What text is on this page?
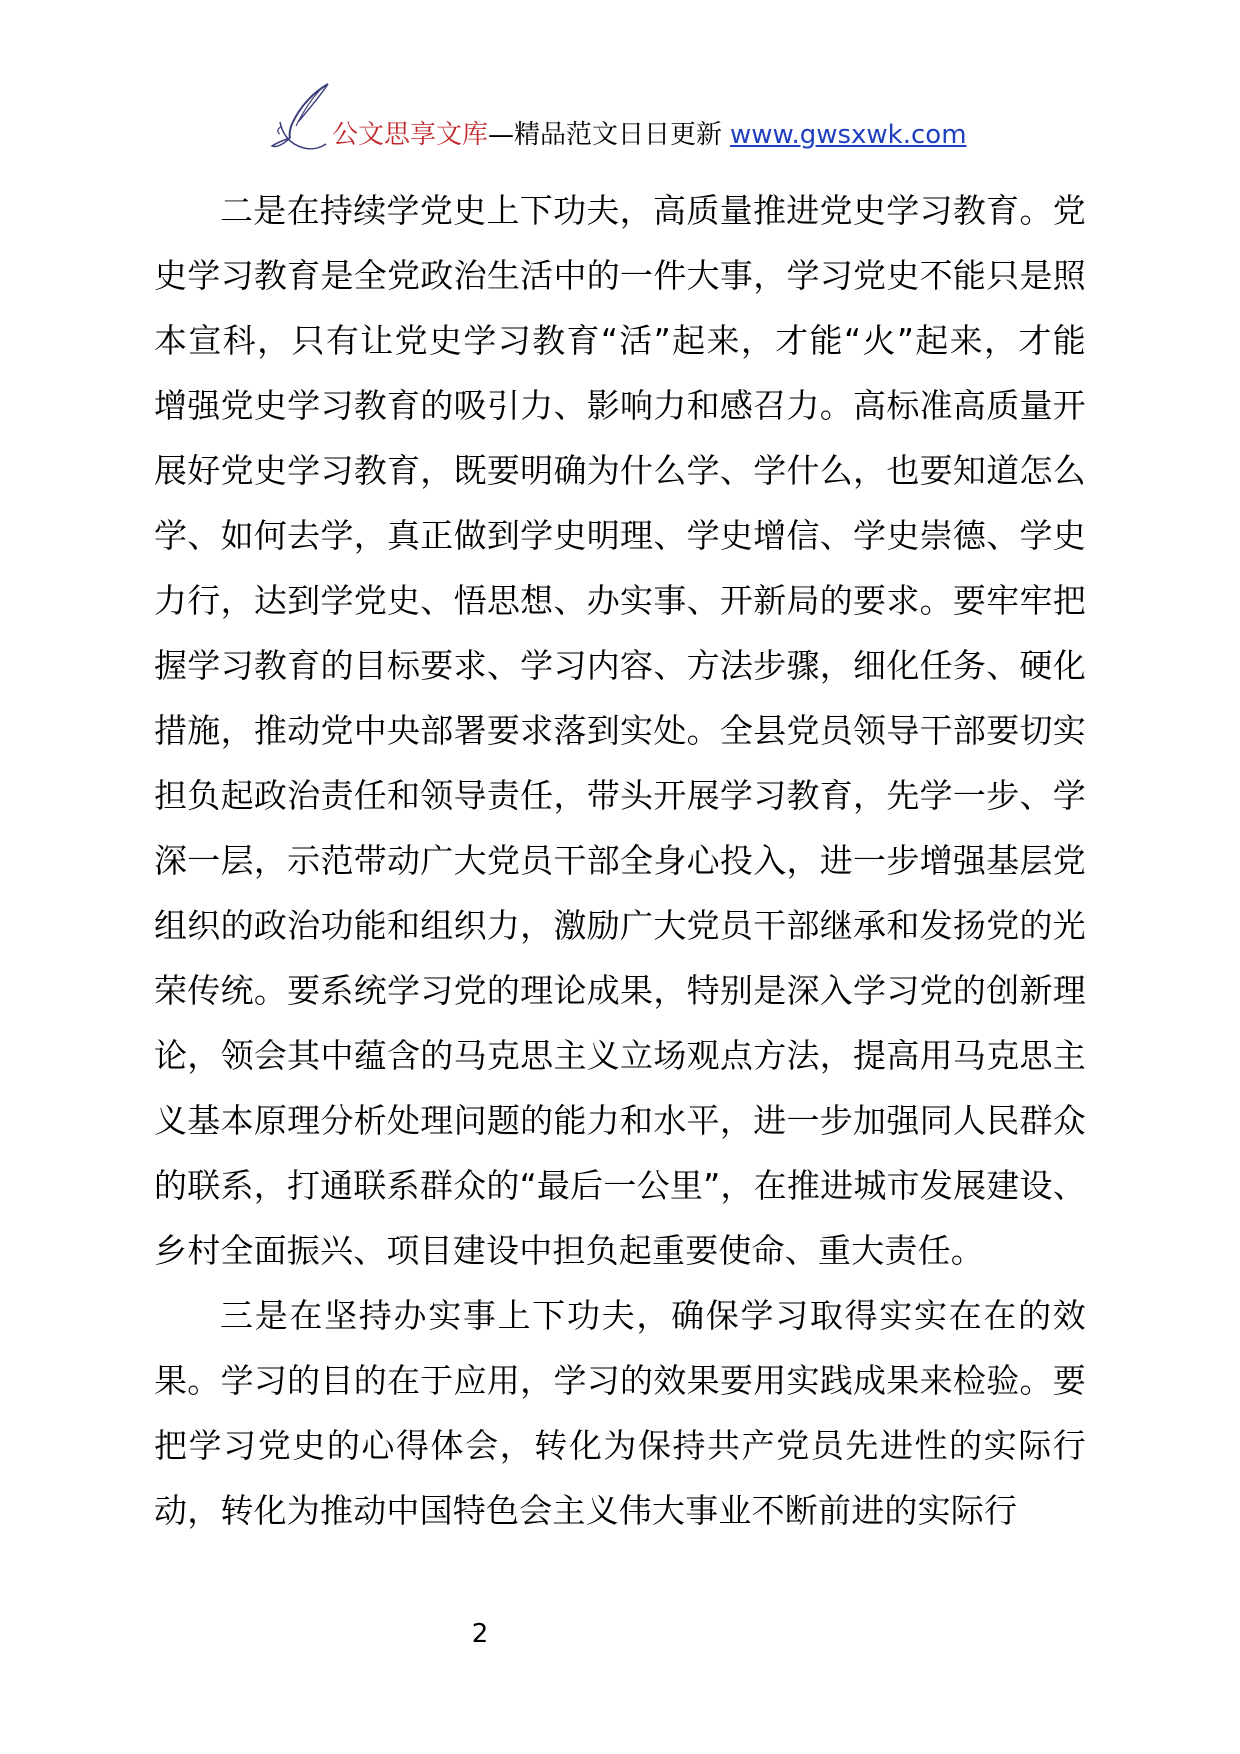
公文思享文库—精品范文日日更新 www.gwsxwk.com

二是在持续学党史上下功夫，高质量推进党史学习教育。党史学习教育是全党政治生活中的一件大事，学习党史不能只是照本宣科，只有让党史学习教育“活”起来，才能“火”起来，才能增强党史学习教育的吸引力、影响力和感召力。高标准高质量开展好党史学习教育，既要明确为什么学、学什么，也要知道怎么学、如何去学，真正做到学史明理、学史增信、学史崇德、学史力行，达到学党史、悟思想、办实事、开新局的要求。要牢牢把握学习教育的目标要求、学习内容、方法步骤，细化任务、硬化措施，推动党中央部署要求落到实处。全县党员领导干部要切实担负起政治责任和领导责任，带头开展学习教育，先学一步、学深一层，示范带动广大党员干部全身心投入，进一步增强基层党组织的政治功能和组织力，激励广大党员干部继承和发扬党的光荣传统。要系统学习党的理论成果，特别是深入学习党的创新理论，领会其中蕴含的马克思主义立场观点方法，提高用马克思主义基本原理分析处理问题的能力和水平，进一步加强同人民群众的联系，打通联系群众的“最后一公里”，在推进城市发展建设、乡村全面振兴、项目建设中担负起重要使命、重大责任。

三是在坚持办实事上下功夫，确保学习取得实实在在的效果。学习的目的在于应用，学习的效果要用实践成果来检验。要把学习党史的心得体会，转化为保持共产党员先进性的实际行动，转化为推动中国特色会主义伟大事业不断前进的实际行

2
